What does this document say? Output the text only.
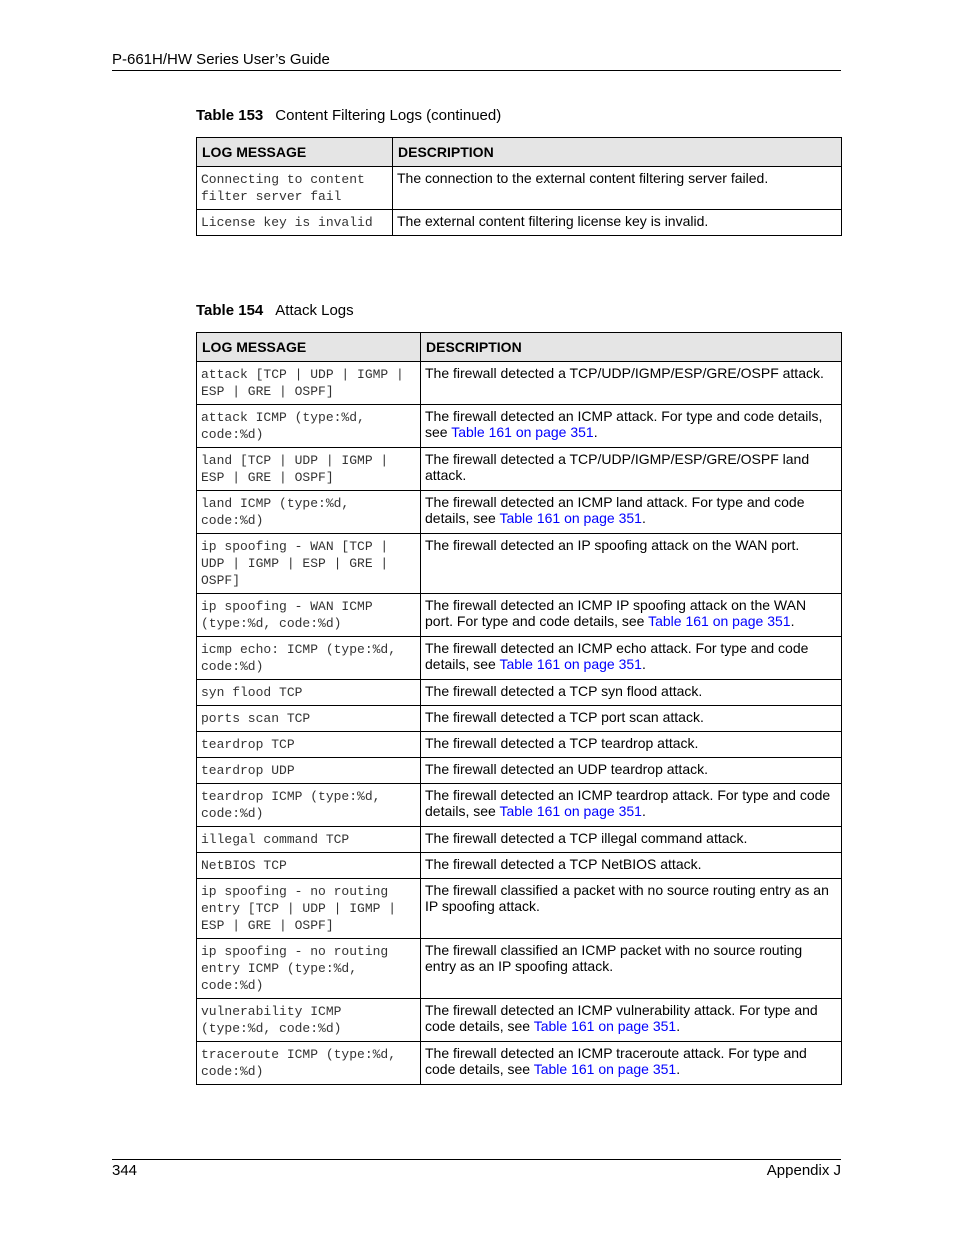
P-661H/HW Series User’s Guide
Table 153 Content Filtering Logs (continued)
LOG MESSAGE	DESCRIPTION
Connecting to content
filter server fail	The connection to the external content filtering server failed.
License key is invalid	The external content filtering license key is invalid.
Table 154 Attack Logs
LOG MESSAGE	DESCRIPTION
attack [TCP | UDP | IGMP |
ESP | GRE | OSPF]	The firewall detected a TCP/UDP/IGMP/ESP/GRE/OSPF attack.
attack ICMP (type:%d,
code:%d)	The firewall detected an ICMP attack. For type and code details, see Table 161 on page 351.
land [TCP | UDP | IGMP |
ESP | GRE | OSPF]	The firewall detected a TCP/UDP/IGMP/ESP/GRE/OSPF land attack.
land ICMP (type:%d,
code:%d)	The firewall detected an ICMP land attack. For type and code details, see Table 161 on page 351.
ip spoofing - WAN [TCP |
UDP | IGMP | ESP | GRE |
OSPF]	The firewall detected an IP spoofing attack on the WAN port.
ip spoofing - WAN ICMP
(type:%d, code:%d)	The firewall detected an ICMP IP spoofing attack on the WAN port. For type and code details, see Table 161 on page 351.
icmp echo: ICMP (type:%d,
code:%d)	The firewall detected an ICMP echo attack. For type and code details, see Table 161 on page 351.
syn flood TCP	The firewall detected a TCP syn flood attack.
ports scan TCP	The firewall detected a TCP port scan attack.
teardrop TCP	The firewall detected a TCP teardrop attack.
teardrop UDP	The firewall detected an UDP teardrop attack.
teardrop ICMP (type:%d,
code:%d)	The firewall detected an ICMP teardrop attack. For type and code details, see Table 161 on page 351.
illegal command TCP	The firewall detected a TCP illegal command attack.
NetBIOS TCP	The firewall detected a TCP NetBIOS attack.
ip spoofing - no routing
entry [TCP | UDP | IGMP |
ESP | GRE | OSPF]	The firewall classified a packet with no source routing entry as an IP spoofing attack.
ip spoofing - no routing
entry ICMP (type:%d,
code:%d)	The firewall classified an ICMP packet with no source routing entry as an IP spoofing attack.
vulnerability ICMP
(type:%d, code:%d)	The firewall detected an ICMP vulnerability attack. For type and code details, see Table 161 on page 351.
traceroute ICMP (type:%d,
code:%d)	The firewall detected an ICMP traceroute attack. For type and code details, see Table 161 on page 351.
344	Appendix J
